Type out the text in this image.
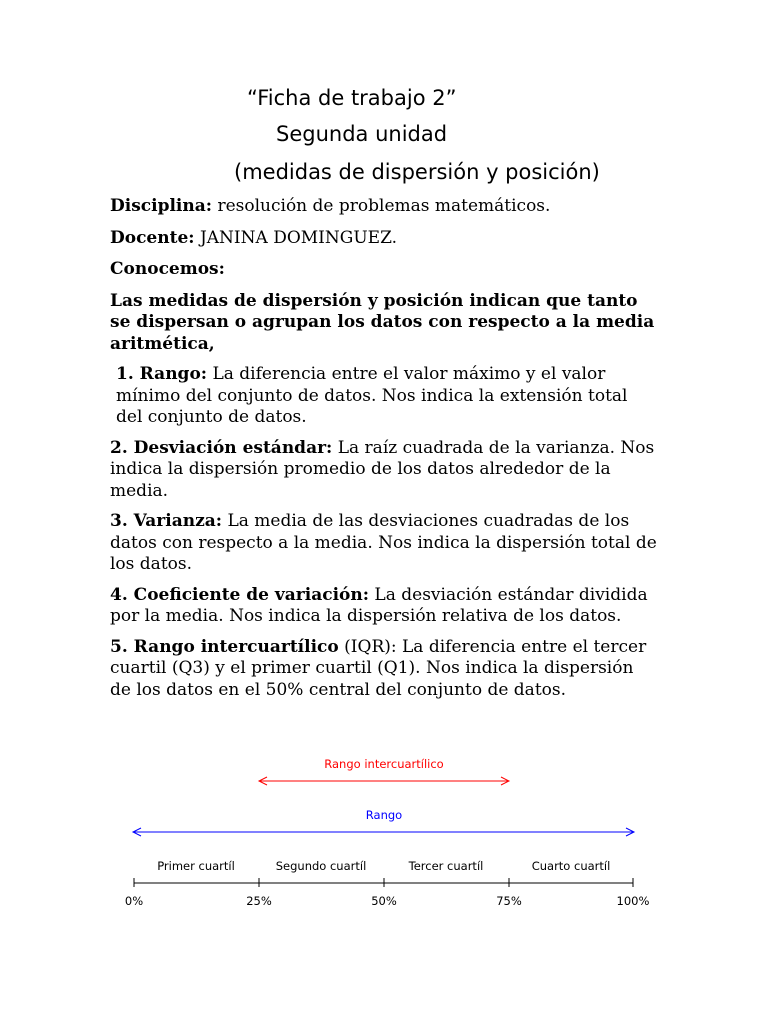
“Ficha de trabajo 2”
Segunda unidad
(medidas de dispersión y posición)

Disciplina: resolución de problemas matemáticos.

Docente: JANINA DOMINGUEZ.

Conocemos:

Las medidas de dispersión y posición indican que tanto se dispersan o agrupan los datos con respecto a la media aritmética,

1. Rango: La diferencia entre el valor máximo y el valor mínimo del conjunto de datos. Nos indica la extensión total del conjunto de datos.

2. Desviación estándar: La raíz cuadrada de la varianza. Nos indica la dispersión promedio de los datos alrededor de la media.

3. Varianza: La media de las desviaciones cuadradas de los datos con respecto a la media. Nos indica la dispersión total de los datos.

4. Coeficiente de variación: La desviación estándar dividida por la media. Nos indica la dispersión relativa de los datos.

5. Rango intercuartílico (IQR): La diferencia entre el tercer cuartil (Q3) y el primer cuartil (Q1). Nos indica la dispersión de los datos en el 50% central del conjunto de datos.

Rango intercuartílico
Rango
Primer cuartíl	Segundo cuartíl	Tercer cuartíl	Cuarto cuartíl
0%	25%	50%	75%	100%
